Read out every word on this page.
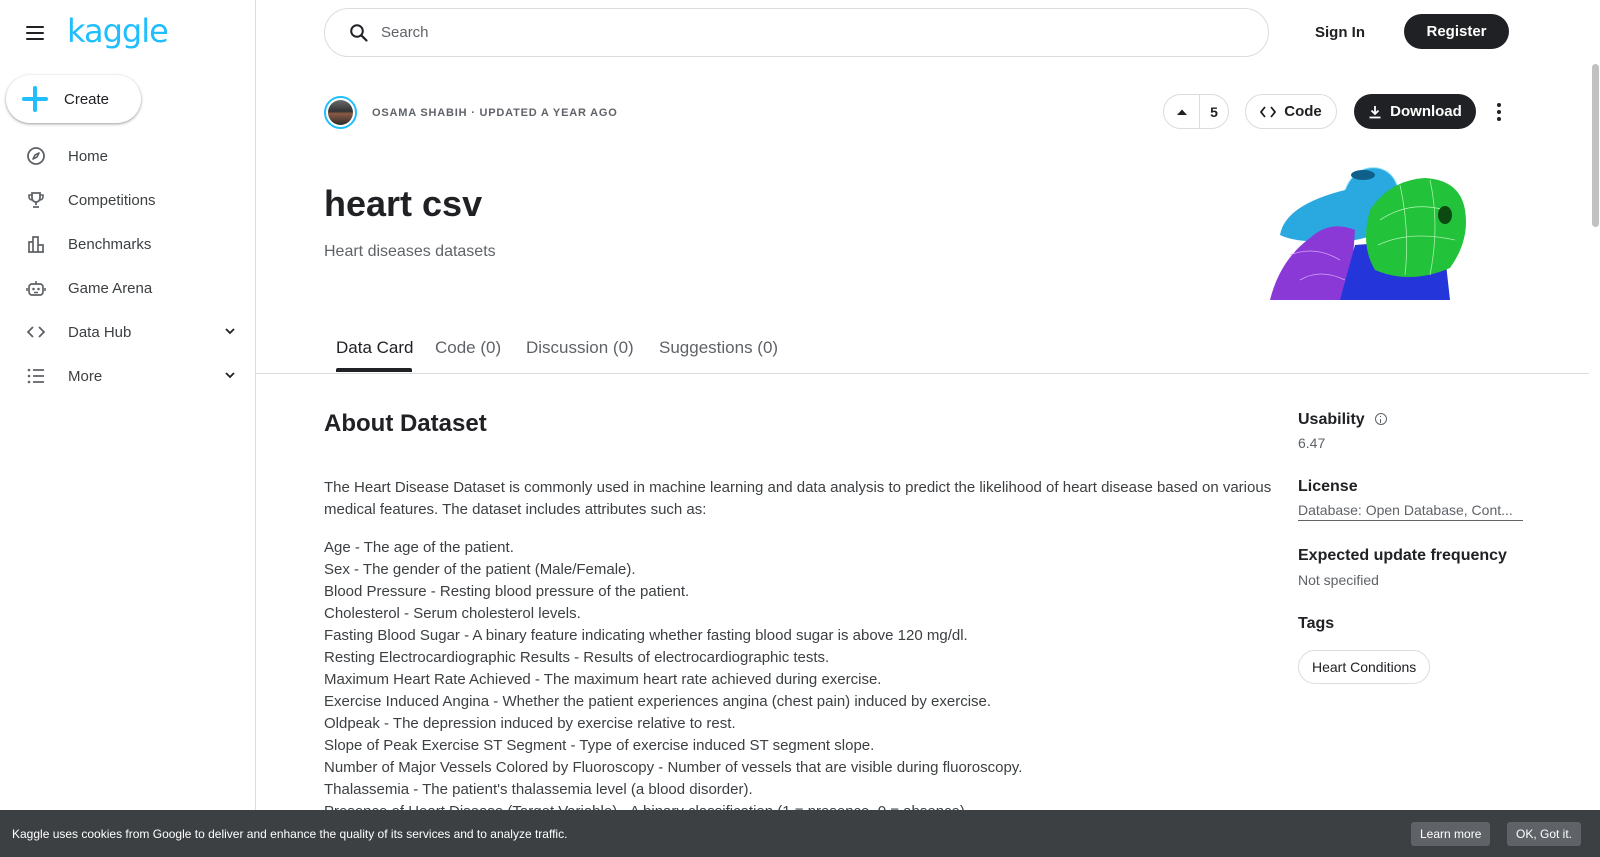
kaggle
Create
Home
Competitions
Benchmarks
Game Arena
Data Hub
More
Search
Sign In	Register
OSAMA SHABIH · UPDATED A YEAR AGO	5	Code	Download
heart csv
Heart diseases datasets
Data Card Code (0) Discussion (0) Suggestions (0)
About Dataset
The Heart Disease Dataset is commonly used in machine learning and data analysis to predict the likelihood of heart disease based on various medical features. The dataset includes attributes such as:
Age - The age of the patient.
Sex - The gender of the patient (Male/Female).
Blood Pressure - Resting blood pressure of the patient.
Cholesterol - Serum cholesterol levels.
Fasting Blood Sugar - A binary feature indicating whether fasting blood sugar is above 120 mg/dl.
Resting Electrocardiographic Results - Results of electrocardiographic tests.
Maximum Heart Rate Achieved - The maximum heart rate achieved during exercise.
Exercise Induced Angina - Whether the patient experiences angina (chest pain) induced by exercise.
Oldpeak - The depression induced by exercise relative to rest.
Slope of Peak Exercise ST Segment - Type of exercise induced ST segment slope.
Number of Major Vessels Colored by Fluoroscopy - Number of vessels that are visible during fluoroscopy.
Thalassemia - The patient's thalassemia level (a blood disorder).
Usability
6.47
License
Database: Open Database, Cont...
Expected update frequency
Not specified
Tags
Heart Conditions
Kaggle uses cookies from Google to deliver and enhance the quality of its services and to analyze traffic.	Learn more	OK, Got it.
